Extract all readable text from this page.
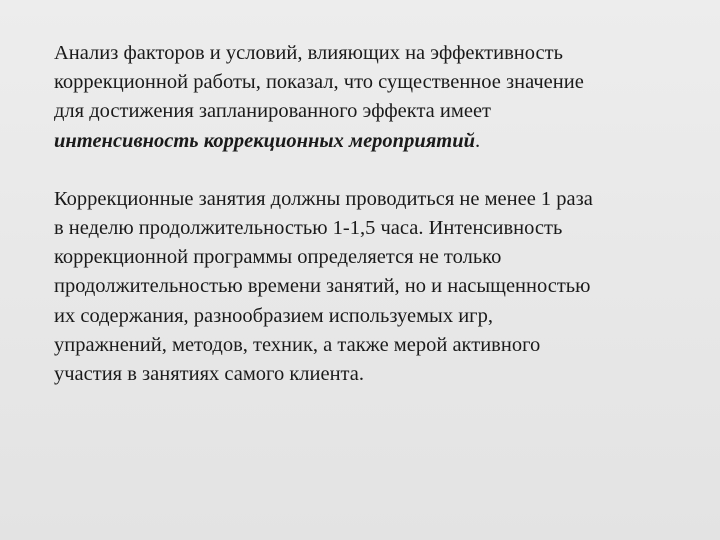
Анализ факторов и условий, влияющих на эффективность
коррекционной работы, показал, что существенное значение
для достижения запланированного эффекта имеет
интенсивность коррекционных мероприятий.

Коррекционные занятия должны проводиться не менее 1 раза
в неделю продолжительностью 1-1,5 часа. Интенсивность
коррекционной программы определяется не только
продолжительностью времени занятий, но и насыщенностью
их содержания, разнообразием используемых игр,
упражнений, методов, техник, а также мерой активного
участия в занятиях самого клиента.
